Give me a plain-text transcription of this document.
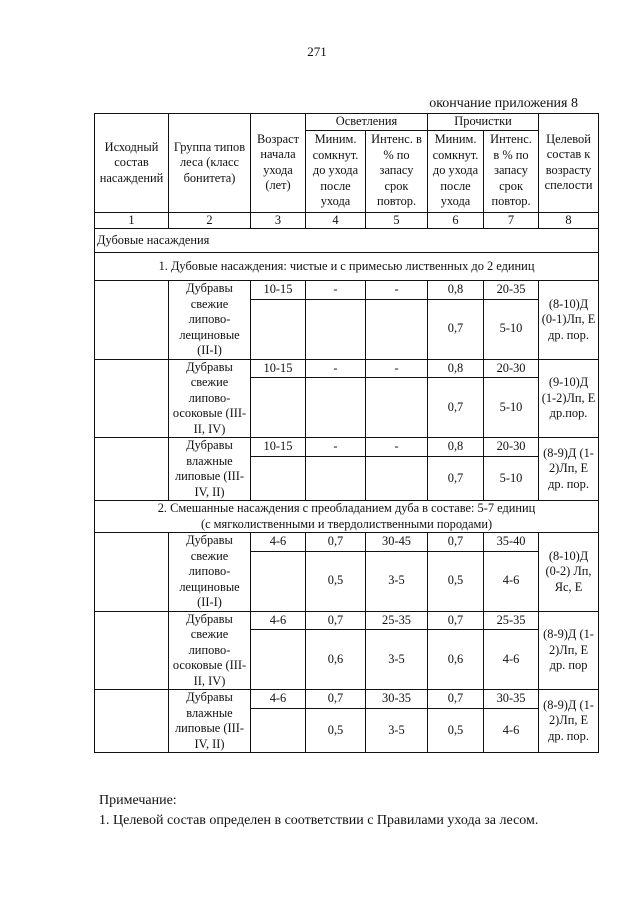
271
окончание приложения 8
Исходный состав насаждений	Группа типов леса (класс бонитета)	Возраст начала ухода (лет)	Осветления		Прочистки		Целевой состав к возрасту спелости
			Миним. сомкнут. до ухода после ухода	Интенс. в % по запасу срок повтор.	Миним. сомкнут. до ухода после ухода	Интенс. в % по запасу срок повтор.	
1	2	3	4	5	6	7	8
Дубовые насаждения							
1. Дубовые насаждения: чистые и с примесью лиственных до 2 единиц							
	Дубравы свежие липово-лещиновые (II-I)	10-15	-	-	0,8	20-35	(8-10)Д (0-1)Лп, Е др. пор.
					0,7	5-10	
	Дубравы свежие липово-осоковые (III-II, IV)	10-15	-	-	0,8	20-30	(9-10)Д (1-2)Лп, Е др.пор.
					0,7	5-10	
	Дубравы влажные липовые (III-IV, II)	10-15	-	-	0,8	20-30	(8-9)Д (1-2)Лп, Е др. пор.
					0,7	5-10	
2. Смешанные насаждения с преобладанием дуба в составе: 5-7 единиц (с мягколиственными и твердолиственными породами)							
	Дубравы свежие липово-лещиновые (II-I)	4-6	0,7	30-45	0,7	35-40	(8-10)Д (0-2) Лп, Яс, Е
			0,5	3-5	0,5	4-6	
	Дубравы свежие липово-осоковые (III-II, IV)	4-6	0,7	25-35	0,7	25-35	(8-9)Д (1-2)Лп, Е др. пор
			0,6	3-5	0,6	4-6	
	Дубравы влажные липовые (III-IV, II)	4-6	0,7	30-35	0,7	30-35	(8-9)Д (1-2)Лп, Е др. пор.
			0,5	3-5	0,5	4-6	
Примечание:
1. Целевой состав определен в соответствии с Правилами ухода за лесом.
